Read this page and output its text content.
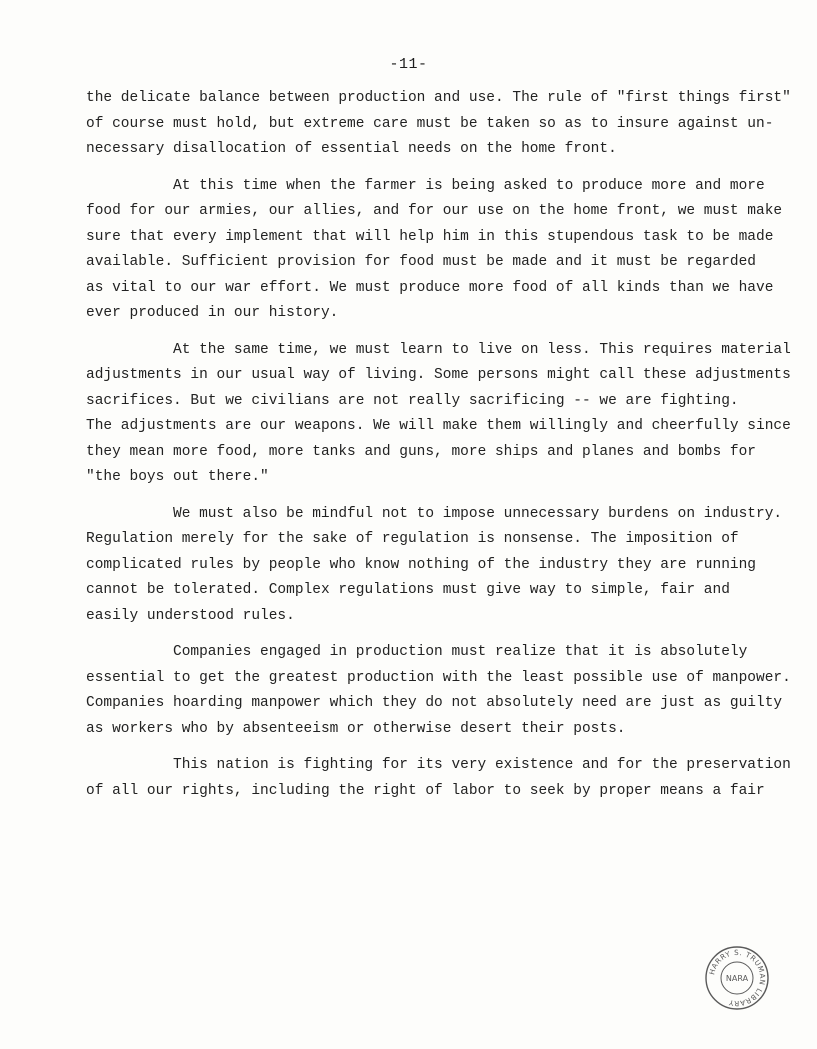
-11-
the delicate balance between production and use. The rule of "first things first"
of course must hold, but extreme care must be taken so as to insure against un-
necessary disallocation of essential needs on the home front.
At this time when the farmer is being asked to produce more and more
food for our armies, our allies, and for our use on the home front, we must make
sure that every implement that will help him in this stupendous task to be made
available. Sufficient provision for food must be made and it must be regarded
as vital to our war effort. We must produce more food of all kinds than we have
ever produced in our history.
At the same time, we must learn to live on less. This requires material
adjustments in our usual way of living. Some persons might call these adjustments
sacrifices. But we civilians are not really sacrificing -- we are fighting.
The adjustments are our weapons. We will make them willingly and cheerfully since
they mean more food, more tanks and guns, more ships and planes and bombs for
"the boys out there."
We must also be mindful not to impose unnecessary burdens on industry.
Regulation merely for the sake of regulation is nonsense. The imposition of
complicated rules by people who know nothing of the industry they are running
cannot be tolerated. Complex regulations must give way to simple, fair and
easily understood rules.
Companies engaged in production must realize that it is absolutely
essential to get the greatest production with the least possible use of manpower.
Companies hoarding manpower which they do not absolutely need are just as guilty
as workers who by absenteeism or otherwise desert their posts.
This nation is fighting for its very existence and for the preservation
of all our rights, including the right of labor to seek by proper means a fair
HARRY S. TRUMAN LIBRARY
NARA
